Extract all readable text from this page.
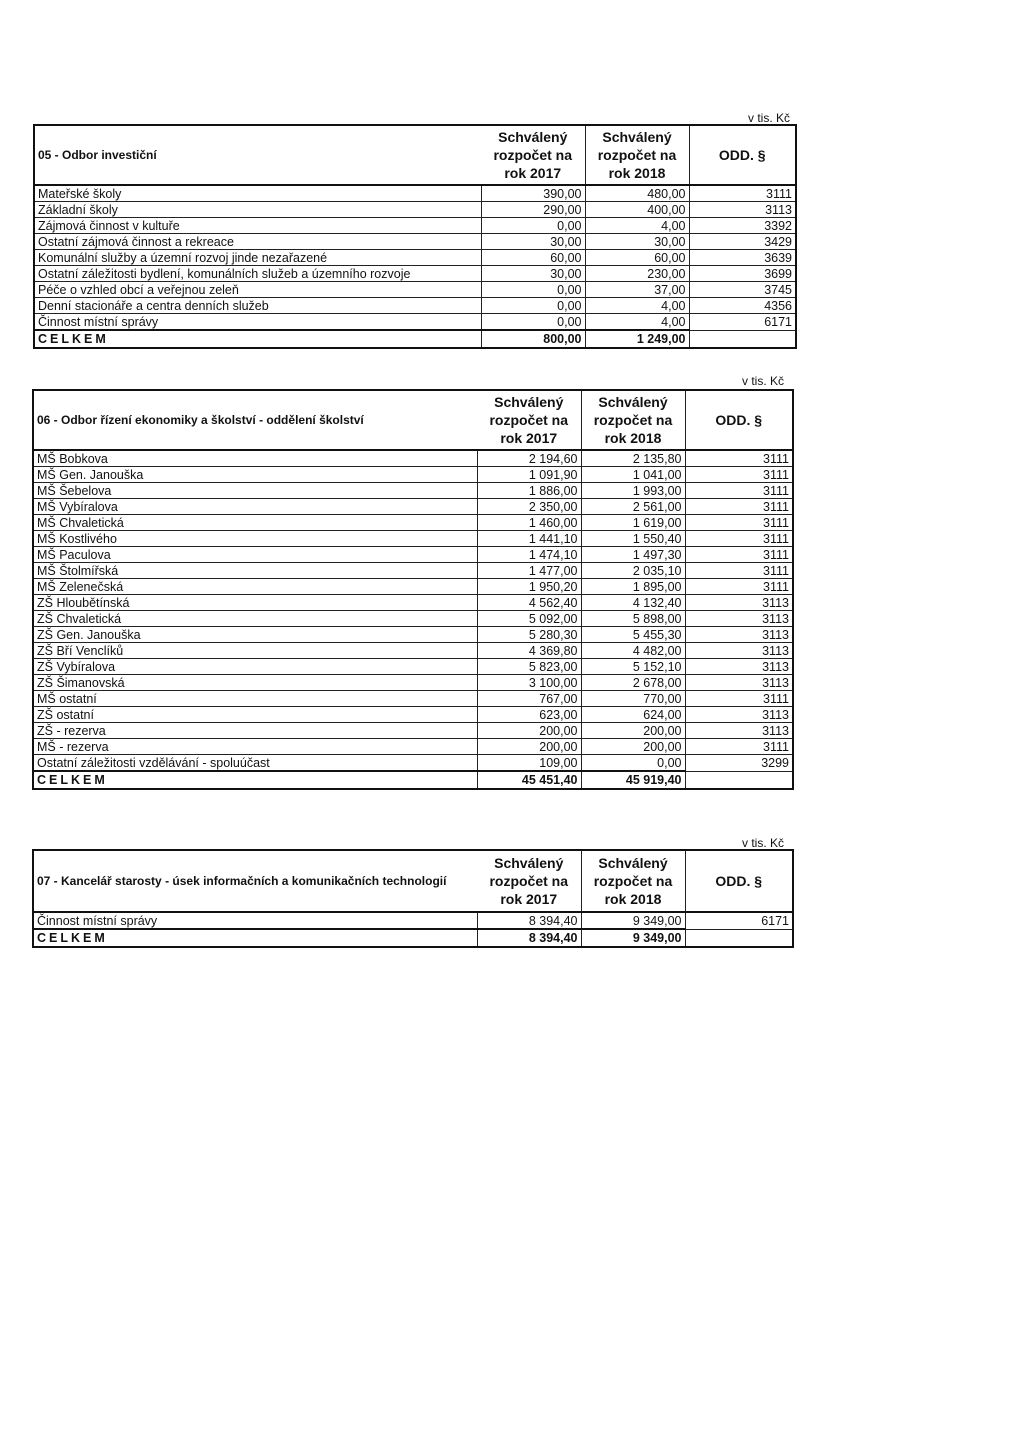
v tis. Kč
05 - Odbor investiční	Schválený rozpočet na rok 2017	Schválený rozpočet na rok 2018	ODD. §
Mateřské školy	390,00	480,00	3111
Základní školy	290,00	400,00	3113
Zájmová činnost v kultuře	0,00	4,00	3392
Ostatní zájmová činnost a rekreace	30,00	30,00	3429
Komunální služby a územní rozvoj jinde nezařazené	60,00	60,00	3639
Ostatní záležitosti bydlení, komunálních služeb a územního rozvoje	30,00	230,00	3699
Péče o vzhled obcí a veřejnou zeleň	0,00	37,00	3745
Denní stacionáře a centra denních služeb	0,00	4,00	4356
Činnost místní správy	0,00	4,00	6171
CELKEM	800,00	1 249,00	
v tis. Kč
06 - Odbor řízení ekonomiky a školství - oddělení školství	Schválený rozpočet na rok 2017	Schválený rozpočet na rok 2018	ODD. §
MŠ Bobkova	2 194,60	2 135,80	3111
MŠ Gen. Janouška	1 091,90	1 041,00	3111
MŠ Šebelova	1 886,00	1 993,00	3111
MŠ Vybíralova	2 350,00	2 561,00	3111
MŠ Chvaletická	1 460,00	1 619,00	3111
MŠ Kostlivého	1 441,10	1 550,40	3111
MŠ Paculova	1 474,10	1 497,30	3111
MŠ Štolmířská	1 477,00	2 035,10	3111
MŠ Zelenečská	1 950,20	1 895,00	3111
ZŠ Hloubětínská	4 562,40	4 132,40	3113
ZŠ Chvaletická	5 092,00	5 898,00	3113
ZŠ Gen. Janouška	5 280,30	5 455,30	3113
ZŠ Bří Venclíků	4 369,80	4 482,00	3113
ZŠ Vybíralova	5 823,00	5 152,10	3113
ZŠ Šimanovská	3 100,00	2 678,00	3113
MŠ ostatní	767,00	770,00	3111
ZŠ ostatní	623,00	624,00	3113
ZŠ - rezerva	200,00	200,00	3113
MŠ - rezerva	200,00	200,00	3111
Ostatní záležitosti vzdělávání - spoluúčast	109,00	0,00	3299
CELKEM	45 451,40	45 919,40	
v tis. Kč
07 - Kancelář starosty - úsek informačních a komunikačních technologií	Schválený rozpočet na rok 2017	Schválený rozpočet na rok 2018	ODD. §
Činnost místní správy	8 394,40	9 349,00	6171
CELKEM	8 394,40	9 349,00	
